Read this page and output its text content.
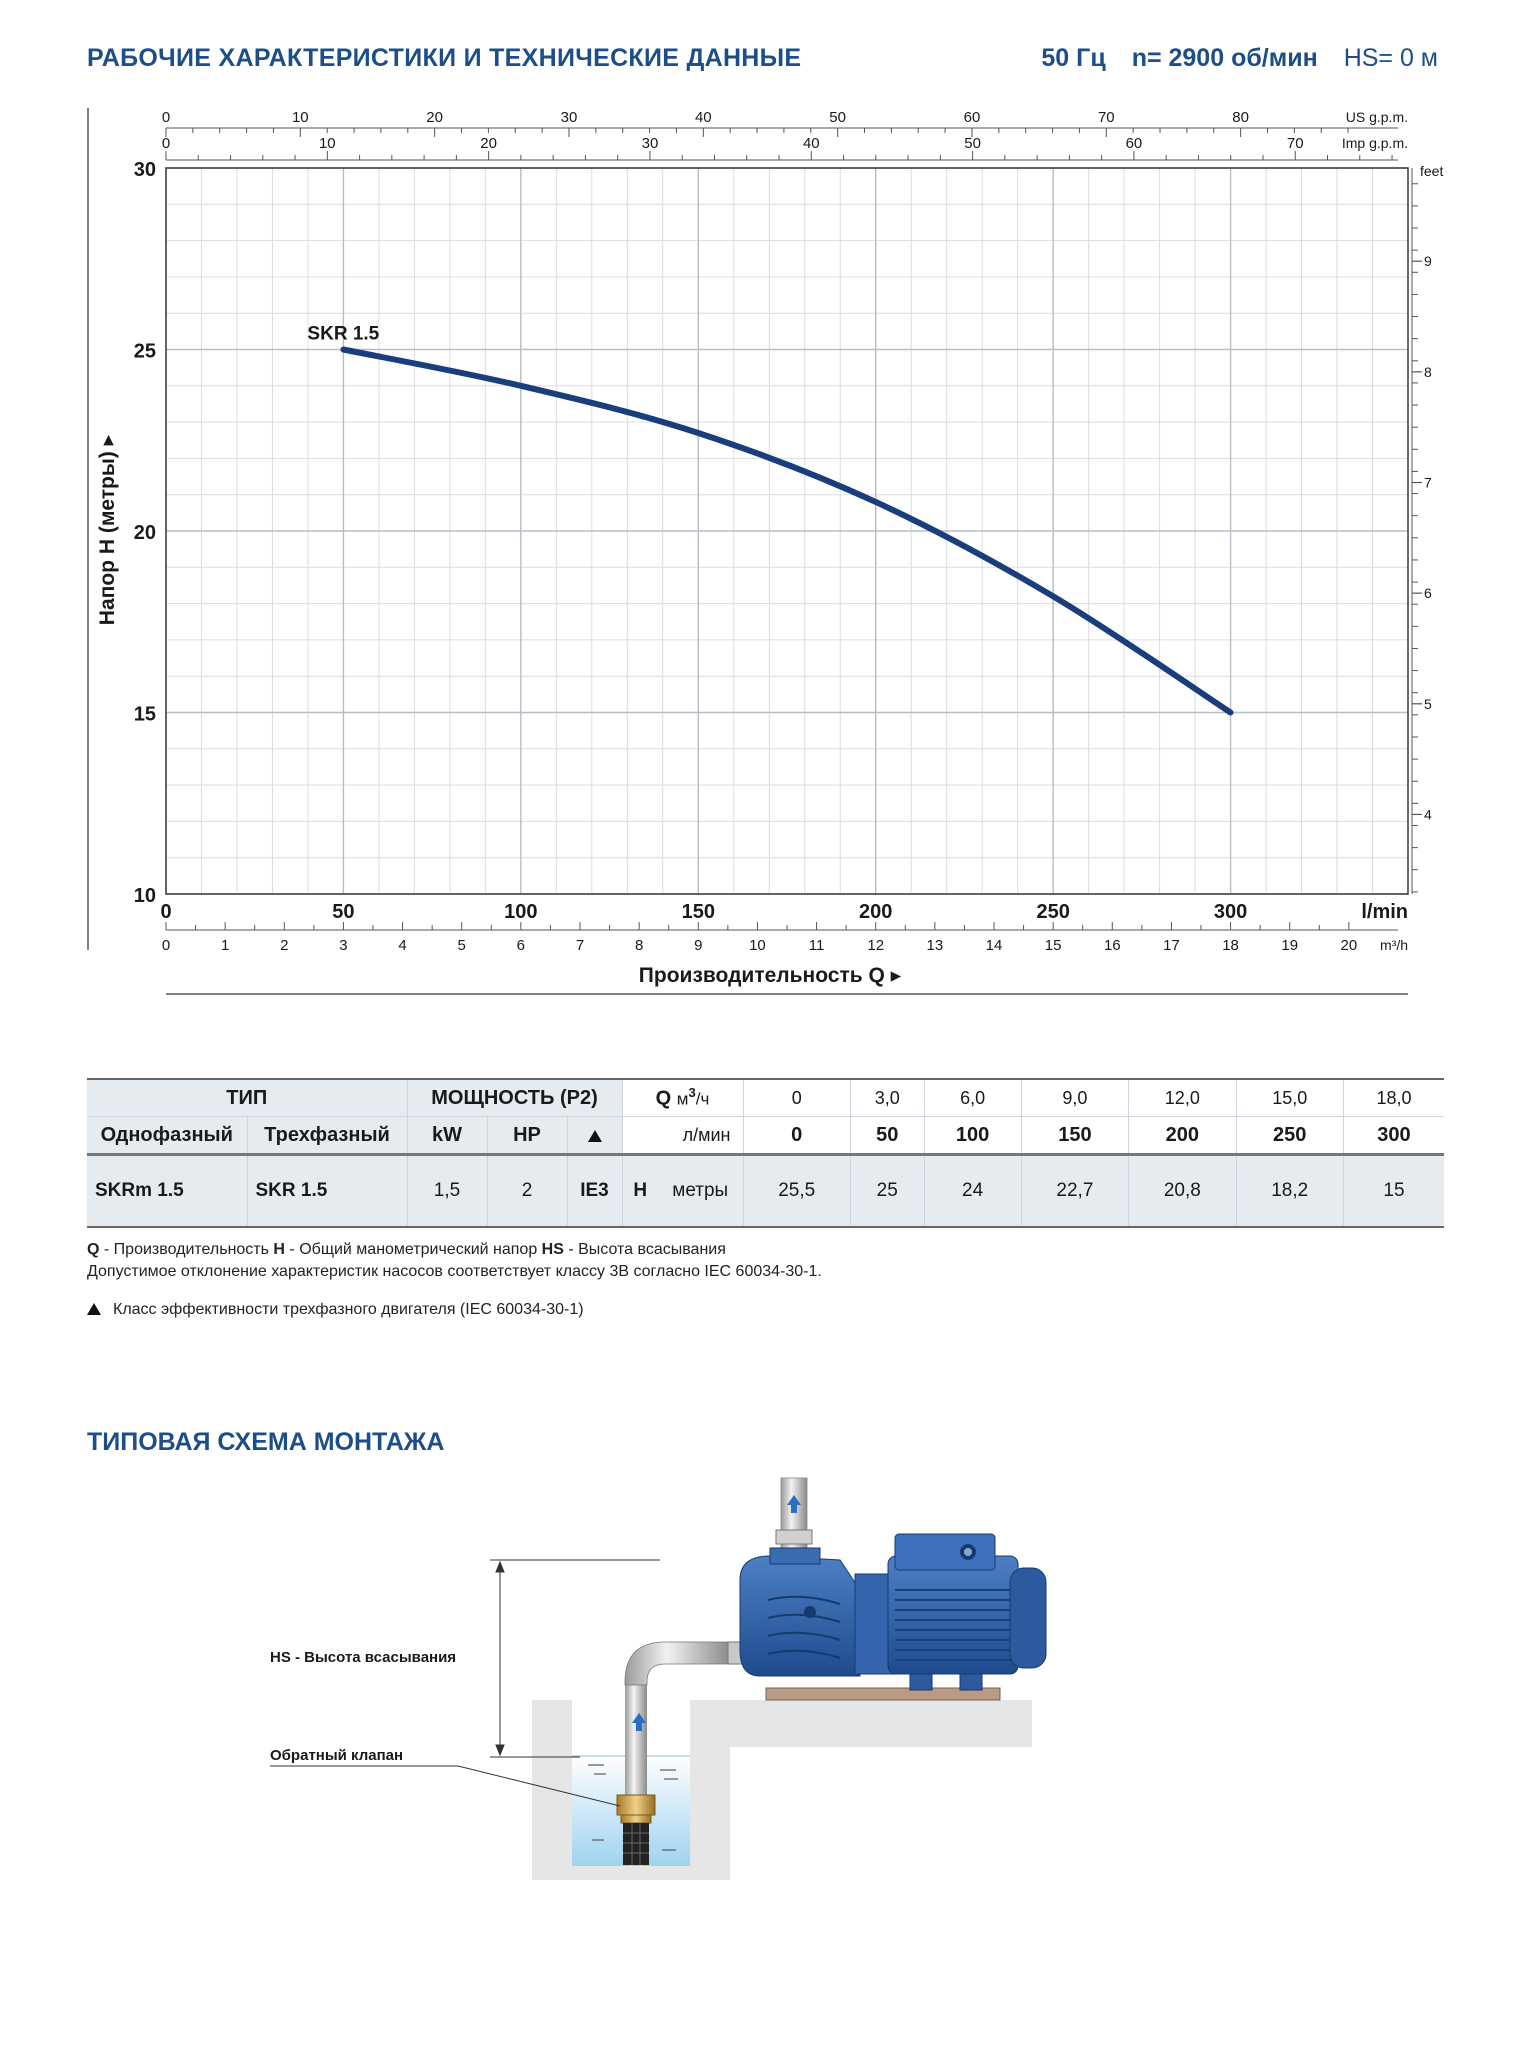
РАБОЧИЕ ХАРАКТЕРИСТИКИ И ТЕХНИЧЕСКИЕ ДАННЫЕ	50 Гц n= 2900 об/мин HS= 0 м
10
15
20
25
30
0	50	100	150	200	250	300	l/min
0	1	2	3	4	5	6	7	8	9	10	11	12	13	14	15	16	17	18	19	20 m³/h
0	10	20	30	40	50	60	70	80	US g.p.m.
0	10	20	30	40	50	60	70	Imp g.p.m.
4
5
6
7
8
9
feet
Напор H (метры) ▸
Производительность Q ▸
SKR 1.5
ТИП		МОЩНОСТЬ (P2)			Q $м^3/ч$		0	3,0	6,0	9,0	12,0	15,0	18,0
Однофазный	Трехфазный	kW	HP		л/мин		0	50	100	150	200	250	300
SKRm 1.5	SKR 1.5	1,5	2	IE3	H	метры	25,5	25	24	22,7	20,8	18,2	15
Q - Производительность H - Общий манометрический напор HS - Высота всасывания
Допустимое отклонение характеристик насосов соответствует классу 3B согласно IEC 60034-30-1.
Класс эффективности трехфазного двигателя (IEC 60034-30-1)
ТИПОВАЯ СХЕМА МОНТАЖА
HS - Высота всасывания
Обратный клапан
